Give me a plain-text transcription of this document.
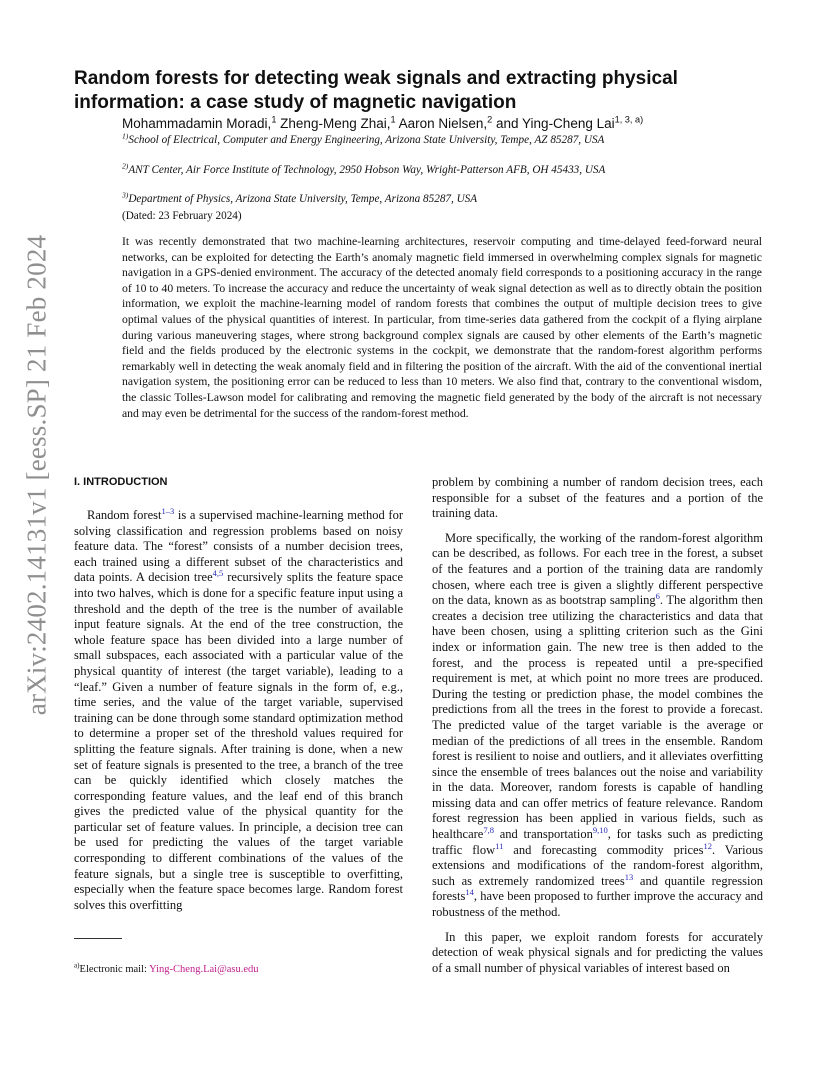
arXiv:2402.14131v1 [eess.SP] 21 Feb 2024
Random forests for detecting weak signals and extracting physical information: a case study of magnetic navigation
Mohammadamin Moradi,$^1$ Zheng-Meng Zhai,$^1$ Aaron Nielsen,$^2$ and Ying-Cheng Lai$^{1, 3, a)}$
$^{1)}$School of Electrical, Computer and Energy Engineering, Arizona State University, Tempe, AZ 85287, USA
$^{2)}$ANT Center, Air Force Institute of Technology, 2950 Hobson Way, Wright-Patterson AFB, OH 45433, USA
$^{3)}$Department of Physics, Arizona State University, Tempe, Arizona 85287, USA
(Dated: 23 February 2024)

It was recently demonstrated that two machine-learning architectures, reservoir computing and time-delayed feed-forward neural networks, can be exploited for detecting the Earth’s anomaly magnetic field immersed in overwhelming complex signals for magnetic navigation in a GPS-denied environment. The accuracy of the detected anomaly field corresponds to a positioning accuracy in the range of 10 to 40 meters. To increase the accuracy and reduce the uncertainty of weak signal detection as well as to directly obtain the position information, we exploit the machine-learning model of random forests that combines the output of multiple decision trees to give optimal values of the physical quantities of interest. In particular, from time-series data gathered from the cockpit of a flying airplane during various maneuvering stages, where strong background complex signals are caused by other elements of the Earth’s magnetic field and the fields produced by the electronic systems in the cockpit, we demonstrate that the random-forest algorithm performs remarkably well in detecting the weak anomaly field and in filtering the position of the aircraft. With the aid of the conventional inertial navigation system, the positioning error can be reduced to less than 10 meters. We also find that, contrary to the conventional wisdom, the classic Tolles-Lawson model for calibrating and removing the magnetic field generated by the body of the aircraft is not necessary and may even be detrimental for the success of the random-forest method.

I. INTRODUCTION

Random forest$^{1-3}$ is a supervised machine-learning method for solving classification and regression problems based on noisy feature data. The “forest” consists of a number decision trees, each trained using a different subset of the characteristics and data points. A decision tree$^{4,5}$ recursively splits the feature space into two halves, which is done for a specific feature input using a threshold and the depth of the tree is the number of available input feature signals. At the end of the tree construction, the whole feature space has been divided into a large number of small subspaces, each associated with a particular value of the physical quantity of interest (the target variable), leading to a “leaf.” Given a number of feature signals in the form of, e.g., time series, and the value of the target variable, supervised training can be done through some standard optimization method to determine a proper set of the threshold values required for splitting the feature signals. After training is done, when a new set of feature signals is presented to the tree, a branch of the tree can be quickly identified which closely matches the corresponding feature values, and the leaf end of this branch gives the predicted value of the physical quantity for the particular set of feature values. In principle, a decision tree can be used for predicting the values of the target variable corresponding to different combinations of the values of the feature signals, but a single tree is susceptible to overfitting, especially when the feature space becomes large. Random forest solves this overfitting

problem by combining a number of random decision trees, each responsible for a subset of the features and a portion of the training data.

More specifically, the working of the random-forest algorithm can be described, as follows. For each tree in the forest, a subset of the features and a portion of the training data are randomly chosen, where each tree is given a slightly different perspective on the data, known as as bootstrap sampling$^6$. The algorithm then creates a decision tree utilizing the characteristics and data that have been chosen, using a splitting criterion such as the Gini index or information gain. The new tree is then added to the forest, and the process is repeated until a pre-specified requirement is met, at which point no more trees are produced. During the testing or prediction phase, the model combines the predictions from all the trees in the forest to provide a forecast. The predicted value of the target variable is the average or median of the predictions of all trees in the ensemble. Random forest is resilient to noise and outliers, and it alleviates overfitting since the ensemble of trees balances out the noise and variability in the data. Moreover, random forests is capable of handling missing data and can offer metrics of feature relevance. Random forest regression has been applied in various fields, such as healthcare$^{7,8}$ and transportation$^{9,10}$, for tasks such as predicting traffic flow$^{11}$ and forecasting commodity prices$^{12}$. Various extensions and modifications of the random-forest algorithm, such as extremely randomized trees$^{13}$ and quantile regression forests$^{14}$, have been proposed to further improve the accuracy and robustness of the method.

In this paper, we exploit random forests for accurately detection of weak physical signals and for predicting the values of a small number of physical variables of interest based on

$^{a)}$Electronic mail: Ying-Cheng.Lai@asu.edu
